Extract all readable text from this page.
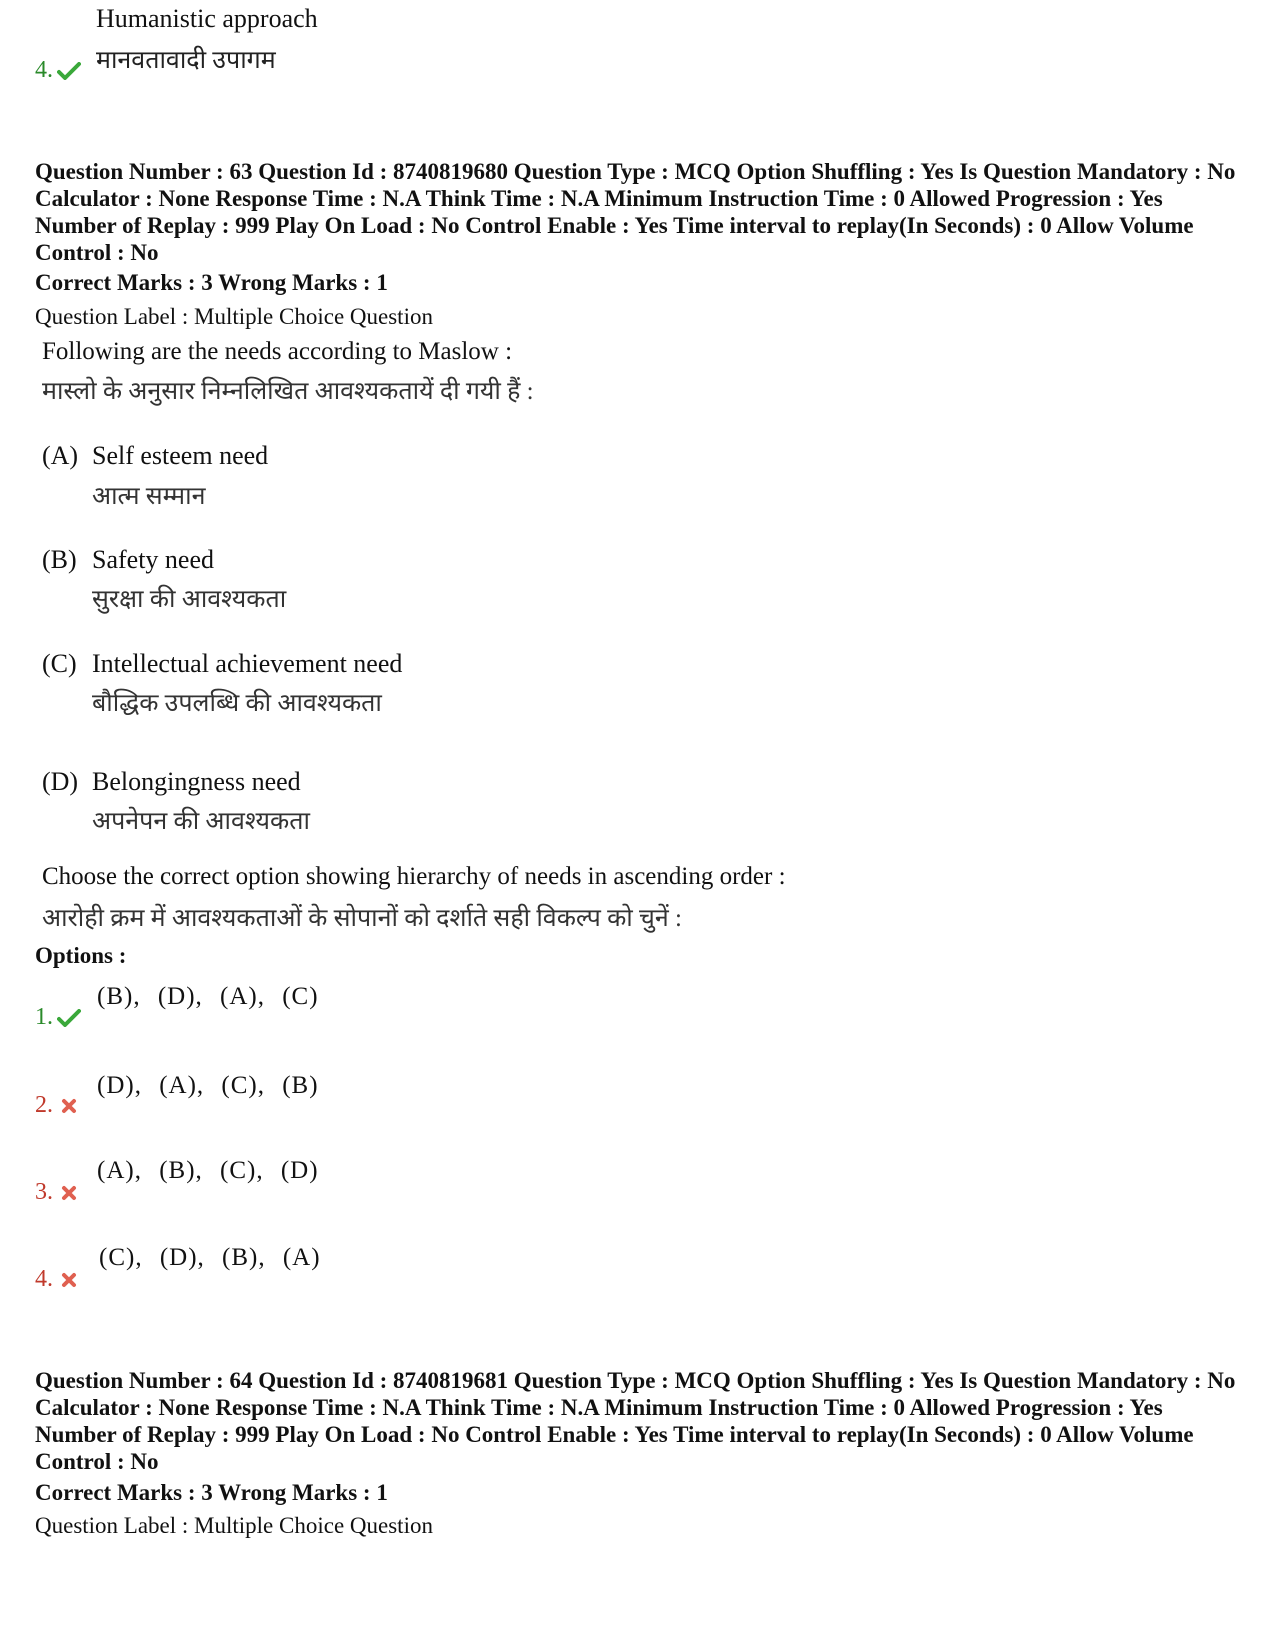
Humanistic approach
मानवतावादी उपागम
4.
Question Number : 63 Question Id : 8740819680 Question Type : MCQ Option Shuffling : Yes Is Question Mandatory : No Calculator : None Response Time : N.A Think Time : N.A Minimum Instruction Time : 0 Allowed Progression : Yes Number of Replay : 999 Play On Load : No Control Enable : Yes Time interval to replay(In Seconds) : 0 Allow Volume Control : No
Correct Marks : 3 Wrong Marks : 1
Question Label : Multiple Choice Question
Following are the needs according to Maslow :
मास्लो के अनुसार निम्नलिखित आवश्यकतायें दी गयी हैं :
(A) Self esteem need
आत्म सम्मान
(B) Safety need
सुरक्षा की आवश्यकता
(C) Intellectual achievement need
बौद्धिक उपलब्धि की आवश्यकता
(D) Belongingness need
अपनेपन की आवश्यकता
Choose the correct option showing hierarchy of needs in ascending order :
आरोही क्रम में आवश्यकताओं के सोपानों को दर्शाते सही विकल्प को चुनें :
Options :
(B), (D), (A), (C)
1.
(D), (A), (C), (B)
2.
(A), (B), (C), (D)
3.
(C), (D), (B), (A)
4.
Question Number : 64 Question Id : 8740819681 Question Type : MCQ Option Shuffling : Yes Is Question Mandatory : No Calculator : None Response Time : N.A Think Time : N.A Minimum Instruction Time : 0 Allowed Progression : Yes Number of Replay : 999 Play On Load : No Control Enable : Yes Time interval to replay(In Seconds) : 0 Allow Volume Control : No
Correct Marks : 3 Wrong Marks : 1
Question Label : Multiple Choice Question
